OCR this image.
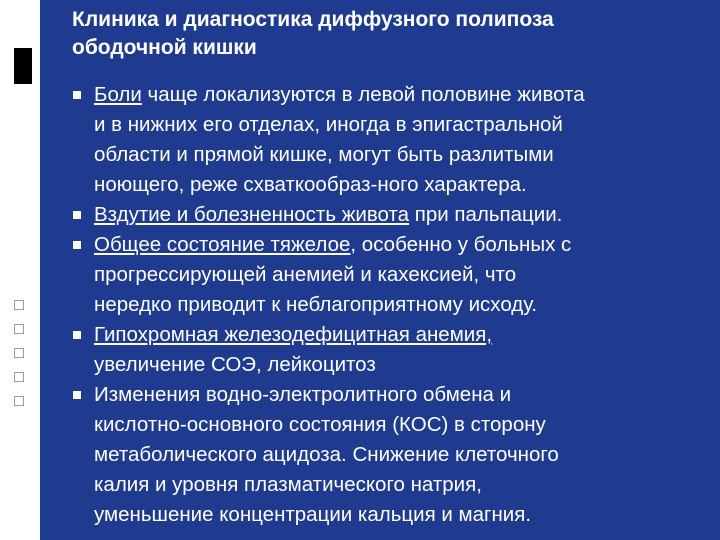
Клиника и диагностика диффузного полипоза
ободочной кишки
Боли чаще локализуются в левой половине живота
и в нижних его отделах, иногда в эпигастральной
области и прямой кишке, могут быть разлитыми
ноющего, реже схваткообраз-ного характера.
Вздутие и болезненность живота при пальпации.
Общее состояние тяжелое, особенно у больных с
прогрессирующей анемией и кахексией, что
нередко приводит к неблагоприятному исходу.
Гипохромная железодефицитная анемия,
увеличение СОЭ, лейкоцитоз
Изменения водно-электролитного обмена и
кислотно-основного состояния (КОС) в сторону
метаболического ацидоза. Снижение клеточного
калия и уровня плазматического натрия,
уменьшение концентрации кальция и магния.
